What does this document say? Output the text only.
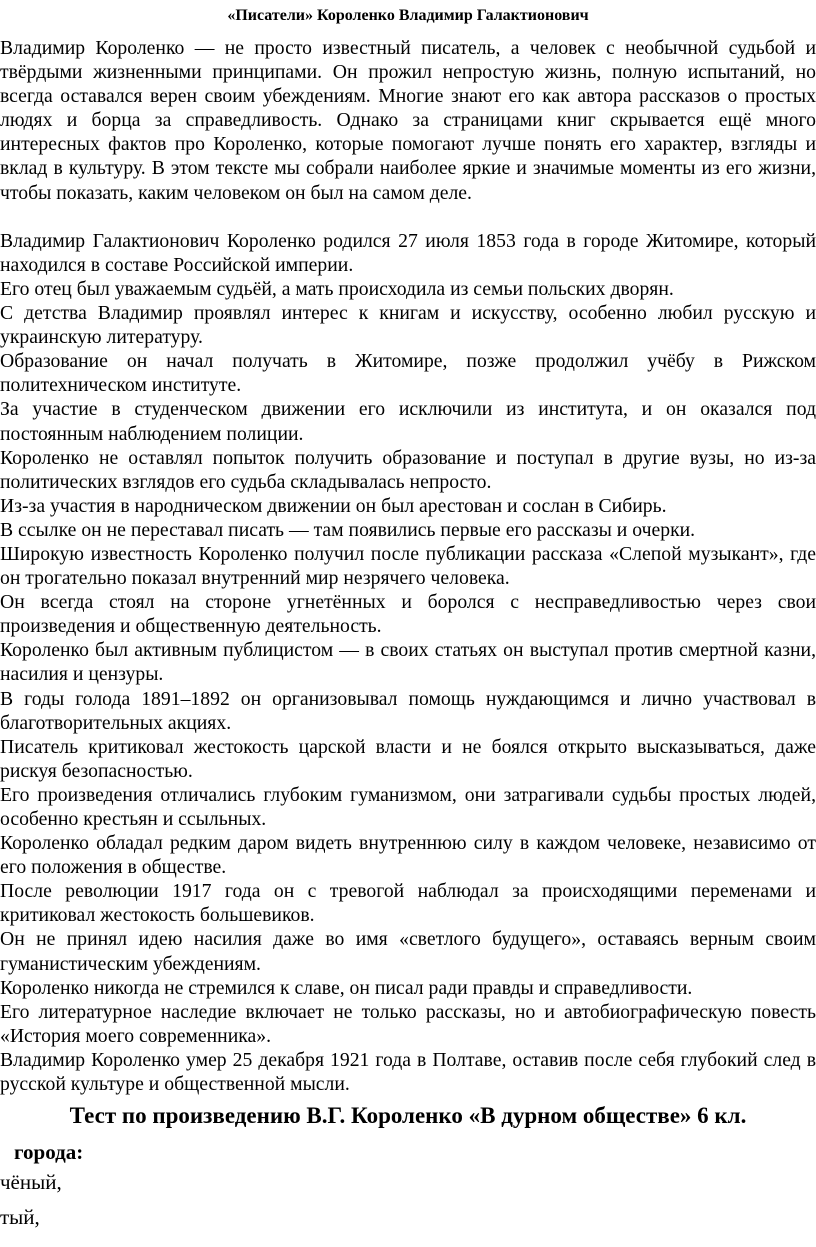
«Писатели» Короленко Владимир Галактионович

Владимир Короленко — не просто известный писатель, а человек с необычной судьбой и твёрдыми жизненными принципами. Он прожил непростую жизнь, полную испытаний, но всегда оставался верен своим убеждениям. Многие знают его как автора рассказов о простых людях и борца за справедливость. Однако за страницами книг скрывается ещё много интересных фактов про Короленко, которые помогают лучше понять его характер, взгляды и вклад в культуру. В этом тексте мы собрали наиболее яркие и значимые моменты из его жизни, чтобы показать, каким человеком он был на самом деле.

Владимир Галактионович Короленко родился 27 июля 1853 года в городе Житомире, который находился в составе Российской империи.

Его отец был уважаемым судьёй, а мать происходила из семьи польских дворян.

С детства Владимир проявлял интерес к книгам и искусству, особенно любил русскую и украинскую литературу.

Образование он начал получать в Житомире, позже продолжил учёбу в Рижском политехническом институте.

За участие в студенческом движении его исключили из института, и он оказался под постоянным наблюдением полиции.

Короленко не оставлял попыток получить образование и поступал в другие вузы, но из-за политических взглядов его судьба складывалась непросто.

Из-за участия в народническом движении он был арестован и сослан в Сибирь.

В ссылке он не переставал писать — там появились первые его рассказы и очерки.

Широкую известность Короленко получил после публикации рассказа «Слепой музыкант», где он трогательно показал внутренний мир незрячего человека.

Он всегда стоял на стороне угнетённых и боролся с несправедливостью через свои произведения и общественную деятельность.

Короленко был активным публицистом — в своих статьях он выступал против смертной казни, насилия и цензуры.

В годы голода 1891–1892 он организовывал помощь нуждающимся и лично участвовал в благотворительных акциях.

Писатель критиковал жестокость царской власти и не боялся открыто высказываться, даже рискуя безопасностью.

Его произведения отличались глубоким гуманизмом, они затрагивали судьбы простых людей, особенно крестьян и ссыльных.

Короленко обладал редким даром видеть внутреннюю силу в каждом человеке, независимо от его положения в обществе.

После революции 1917 года он с тревогой наблюдал за происходящими переменами и критиковал жестокость большевиков.

Он не принял идею насилия даже во имя «светлого будущего», оставаясь верным своим гуманистическим убеждениям.

Короленко никогда не стремился к славе, он писал ради правды и справедливости.

Его литературное наследие включает не только рассказы, но и автобиографическую повесть «История моего современника».

Владимир Короленко умер 25 декабря 1921 года в Полтаве, оставив после себя глубокий след в русской культуре и общественной мысли.

Тест по произведению В.Г. Короленко «В дурном обществе» 6 кл.
города:
чёный,
тый,
